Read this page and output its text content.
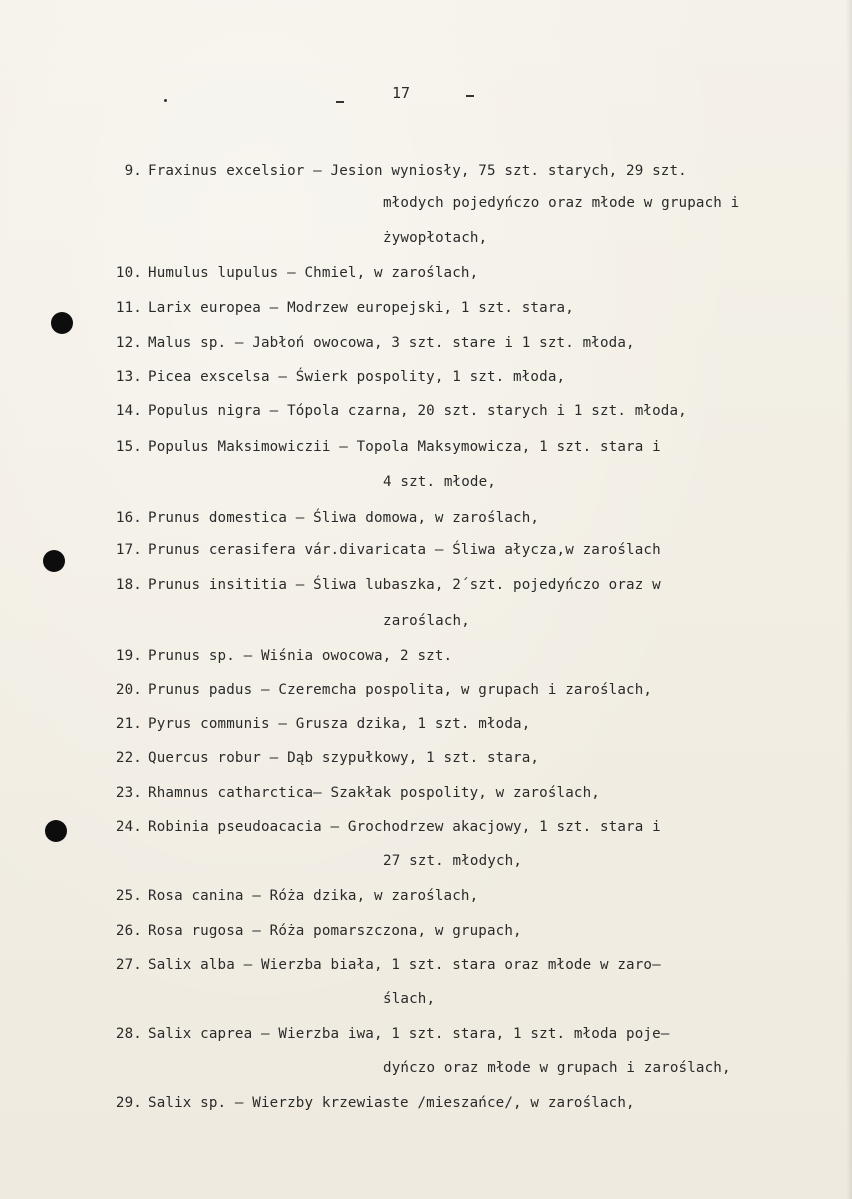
17
9. Fraxinus excelsior – Jesion wyniosły, 75 szt. starych, 29 szt.
młodych pojedyńczo oraz młode w grupach i
żywopłotach,
10. Humulus lupulus – Chmiel, w zaroślach,
11. Larix europea – Modrzew europejski, 1 szt. stara,
12. Malus sp. – Jabłoń owocowa, 3 szt. stare i 1 szt. młoda,
13. Picea exscelsa – Świerk pospolity, 1 szt. młoda,
14. Populus nigra – Tópola czarna, 20 szt. starych i 1 szt. młoda,
15. Populus Maksimowiczii – Topola Maksymowicza, 1 szt. stara i
4 szt. młode,
16. Prunus domestica – Śliwa domowa, w zaroślach,
17. Prunus cerasifera vár.divaricata – Śliwa ałycza,w zaroślach
18. Prunus insititia – Śliwa lubaszka, 2´szt. pojedyńczo oraz w
zaroślach,
19. Prunus sp. – Wiśnia owocowa, 2 szt.
20. Prunus padus – Czeremcha pospolita, w grupach i zaroślach,
21. Pyrus communis – Grusza dzika, 1 szt. młoda,
22. Quercus robur – Dąb szypułkowy, 1 szt. stara,
23. Rhamnus catharctica– Szakłak pospolity, w zaroślach,
24. Robinia pseudoacacia – Grochodrzew akacjowy, 1 szt. stara i
27 szt. młodych,
25. Rosa canina – Róża dzika, w zaroślach,
26. Rosa rugosa – Róża pomarszczona, w grupach,
27. Salix alba – Wierzba biała, 1 szt. stara oraz młode w zaro–
ślach,
28. Salix caprea – Wierzba iwa, 1 szt. stara, 1 szt. młoda poje–
dyńczo oraz młode w grupach i zaroślach,
29. Salix sp. – Wierzby krzewiaste /mieszańce/, w zaroślach,
